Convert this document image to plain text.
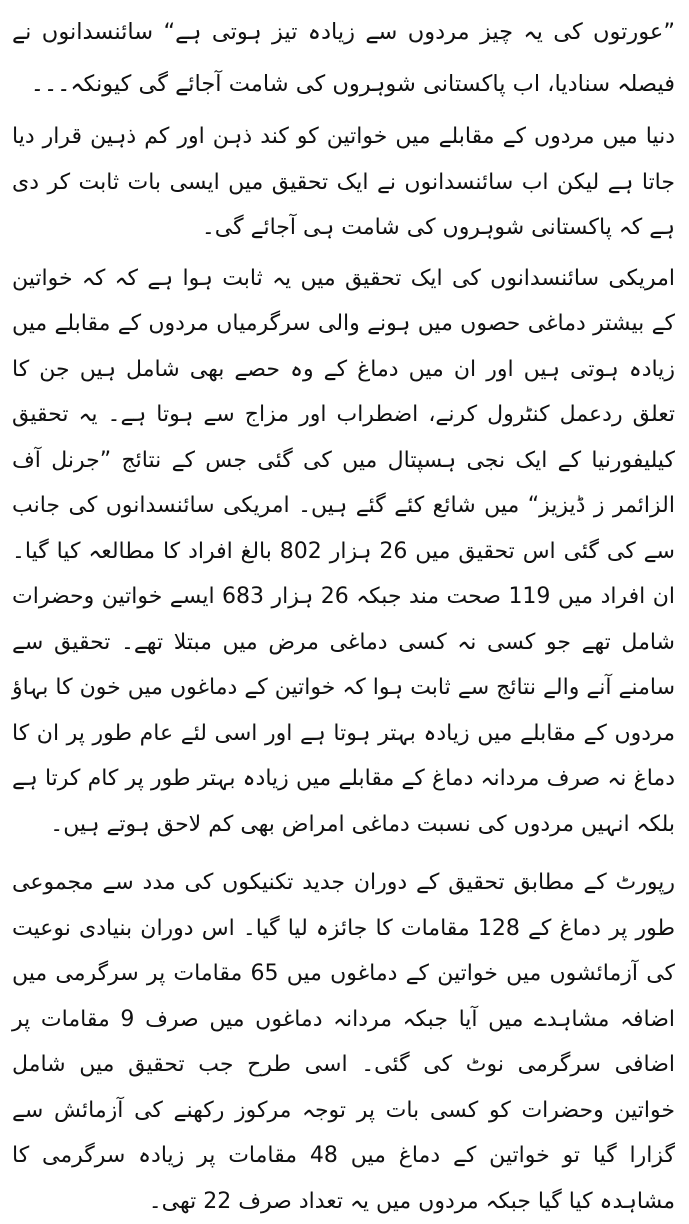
”عورتوں کی یہ چیز مردوں سے زیادہ تیز ہوتی ہے“ سائنسدانوں نے فیصلہ سنادیا، اب پاکستانی شوہروں کی شامت آجائے گی کیونکہ۔۔۔

دنیا میں مردوں کے مقابلے میں خواتین کو کند ذہن اور کم ذہین قرار دیا جاتا ہے لیکن اب سائنسدانوں نے ایک تحقیق میں ایسی بات ثابت کر دی ہے کہ پاکستانی شوہروں کی شامت ہی آجائے گی۔

امریکی سائنسدانوں کی ایک تحقیق میں یہ ثابت ہوا ہے کہ کہ خواتین کے بیشتر دماغی حصوں میں ہونے والی سرگرمیاں مردوں کے مقابلے میں زیادہ ہوتی ہیں اور ان میں دماغ کے وہ حصے بھی شامل ہیں جن کا تعلق ردعمل کنٹرول کرنے، اضطراب اور مزاج سے ہوتا ہے۔ یہ تحقیق کیلیفورنیا کے ایک نجی ہسپتال میں کی گئی جس کے نتائج ”جرنل آف الزائمر ز ڈیزیز“ میں شائع کئے گئے ہیں۔ امریکی سائنسدانوں کی جانب سے کی گئی اس تحقیق میں 26 ہزار 802 بالغ افراد کا مطالعہ کیا گیا۔ ان افراد میں 119 صحت مند جبکہ 26 ہزار 683 ایسے خواتین وحضرات شامل تھے جو کسی نہ کسی دماغی مرض میں مبتلا تھے۔ تحقیق سے سامنے آنے والے نتائج سے ثابت ہوا کہ خواتین کے دماغوں میں خون کا بہاﺅ مردوں کے مقابلے میں زیادہ بہتر ہوتا ہے اور اسی لئے عام طور پر ان کا دماغ نہ صرف مردانہ دماغ کے مقابلے میں زیادہ بہتر طور پر کام کرتا ہے بلکہ انہیں مردوں کی نسبت دماغی امراض بھی کم لاحق ہوتے ہیں۔

رپورٹ کے مطابق تحقیق کے دوران جدید تکنیکوں کی مدد سے مجموعی طور پر دماغ کے 128 مقامات کا جائزہ لیا گیا۔ اس دوران بنیادی نوعیت کی آزمائشوں میں خواتین کے دماغوں میں 65 مقامات پر سرگرمی میں اضافہ مشاہدے میں آیا جبکہ مردانہ دماغوں میں صرف 9 مقامات پر اضافی سرگرمی نوٹ کی گئی۔ اسی طرح جب تحقیق میں شامل خواتین وحضرات کو کسی بات پر توجہ مرکوز رکھنے کی آزمائش سے گزارا گیا تو خواتین کے دماغ میں 48 مقامات پر زیادہ سرگرمی کا مشاہدہ کیا گیا جبکہ مردوں میں یہ تعداد صرف 22 تھی۔
